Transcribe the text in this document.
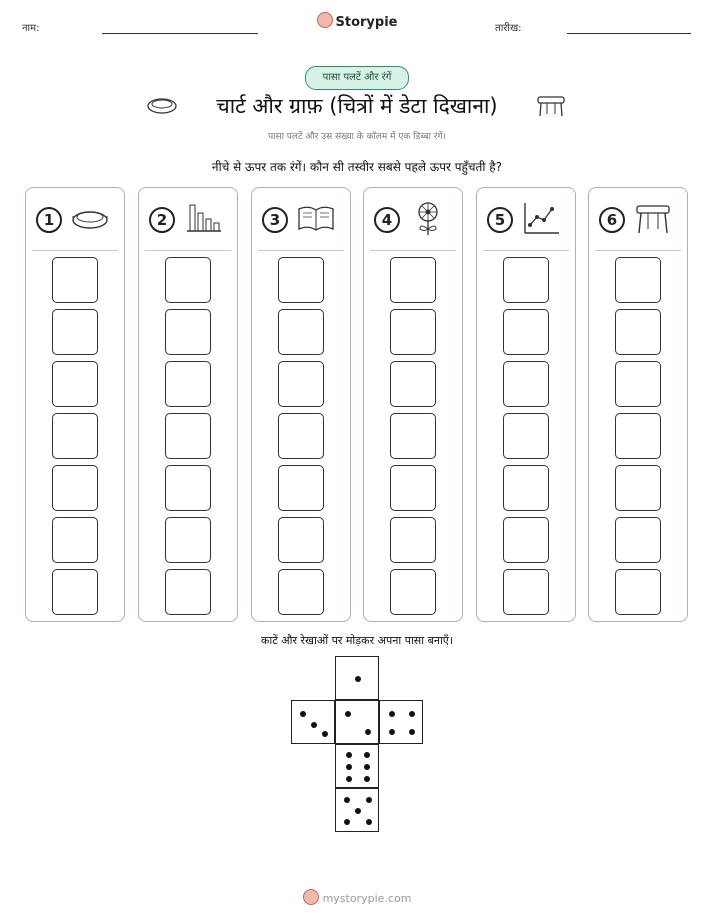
नाम:	Storypie	तारीख:
पासा पलटें और रंगें
चार्ट और ग्राफ़ (चित्रों में डेटा दिखाना)
पासा पलटें और उस संख्या के कॉलम में एक डिब्बा रंगें।
नीचे से ऊपर तक रंगें। कौन सी तस्वीर सबसे पहले ऊपर पहुँचती है?
1	2	3	4	5	6
काटें और रेखाओं पर मोड़कर अपना पासा बनाएँ।
mystorypie.com
